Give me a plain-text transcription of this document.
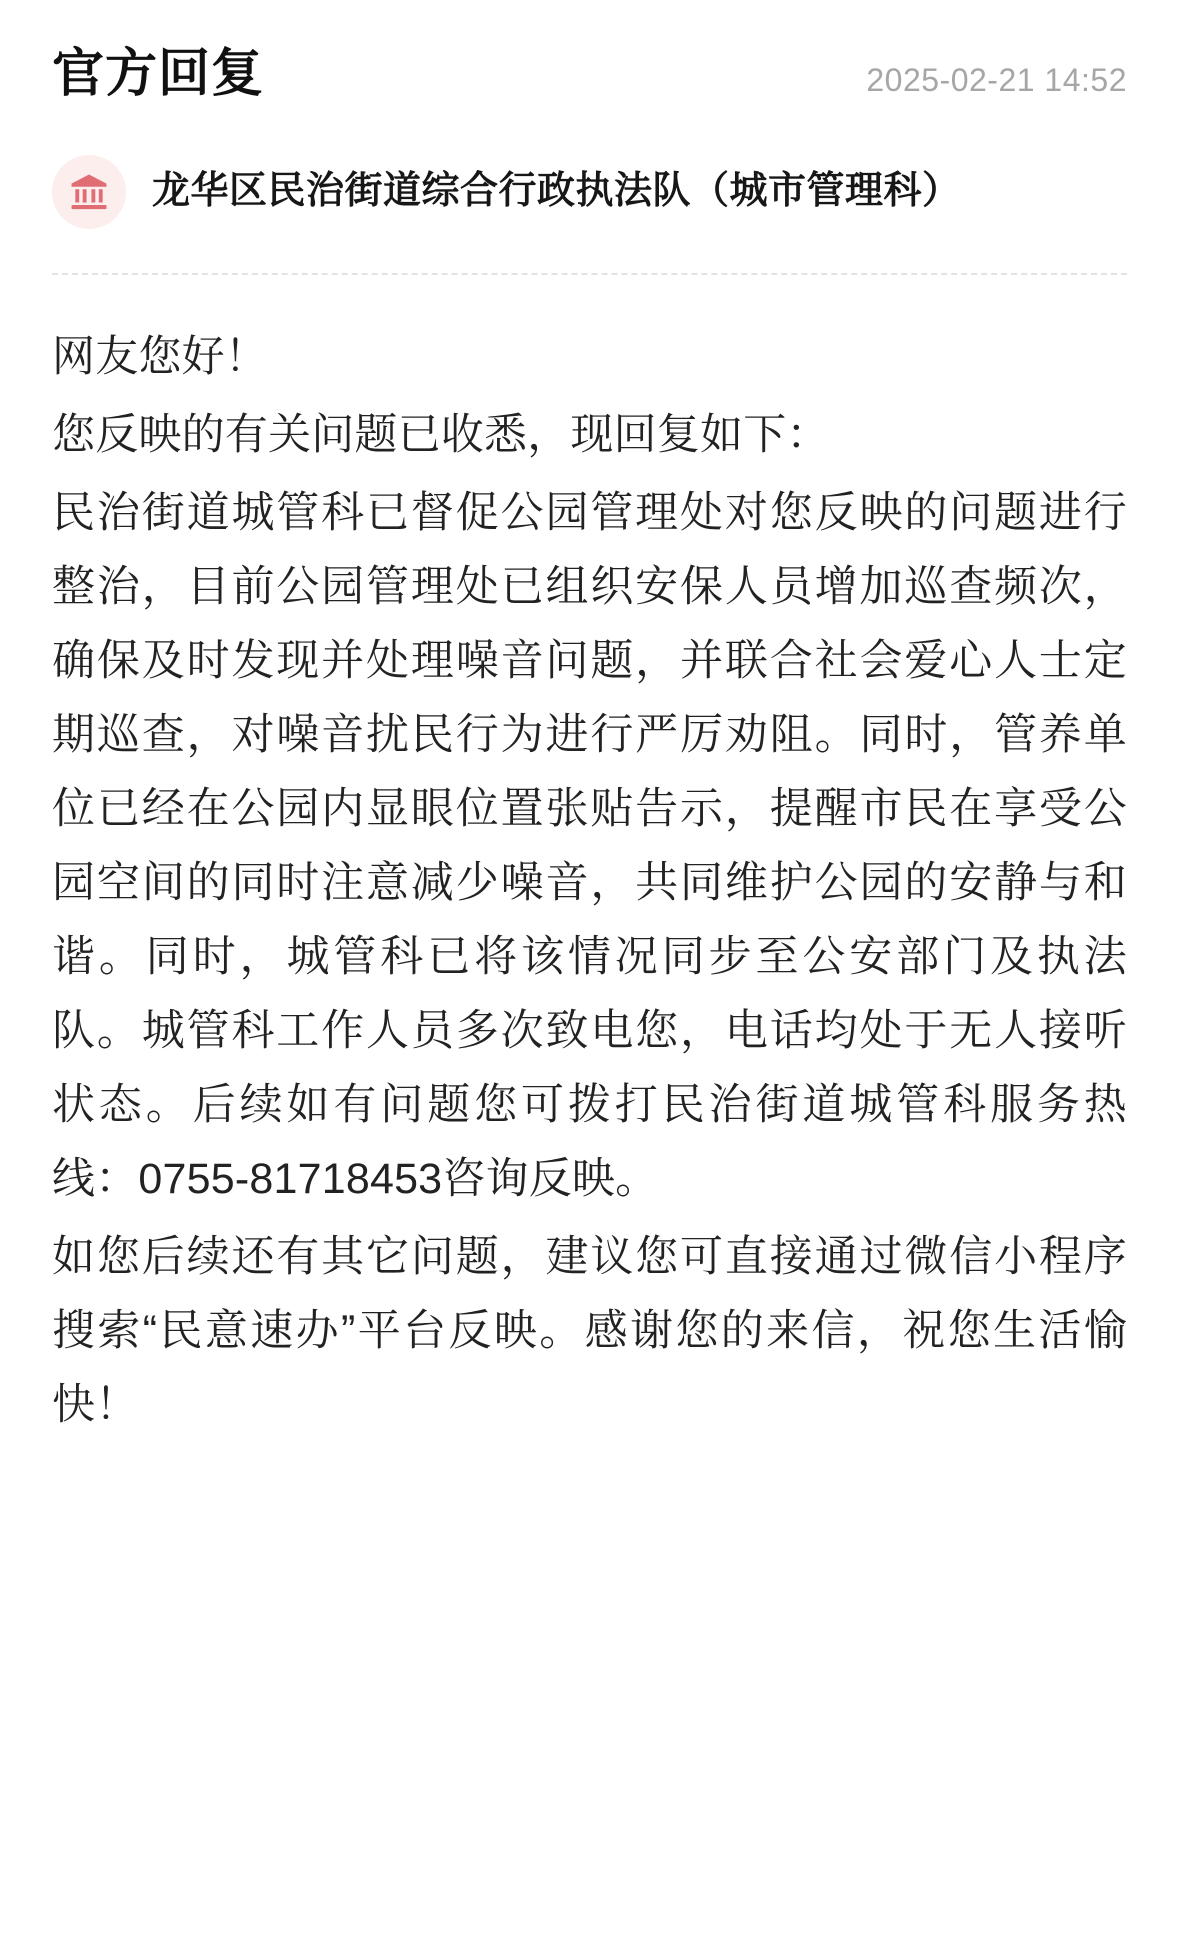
官方回复	2025-02-21 14:52
龙华区民治街道综合行政执法队（城市管理科）

网友您好！

您反映的有关问题已收悉，现回复如下：

民治街道城管科已督促公园管理处对您反映的问题进行整治，目前公园管理处已组织安保人员增加巡查频次，确保及时发现并处理噪音问题，并联合社会爱心人士定期巡查，对噪音扰民行为进行严厉劝阻。同时，管养单位已经在公园内显眼位置张贴告示，提醒市民在享受公园空间的同时注意减少噪音，共同维护公园的安静与和谐。同时，城管科已将该情况同步至公安部门及执法队。城管科工作人员多次致电您，电话均处于无人接听状态。后续如有问题您可拨打民治街道城管科服务热线：0755-81718453咨询反映。

如您后续还有其它问题，建议您可直接通过微信小程序搜索“民意速办”平台反映。感谢您的来信，祝您生活愉快！
